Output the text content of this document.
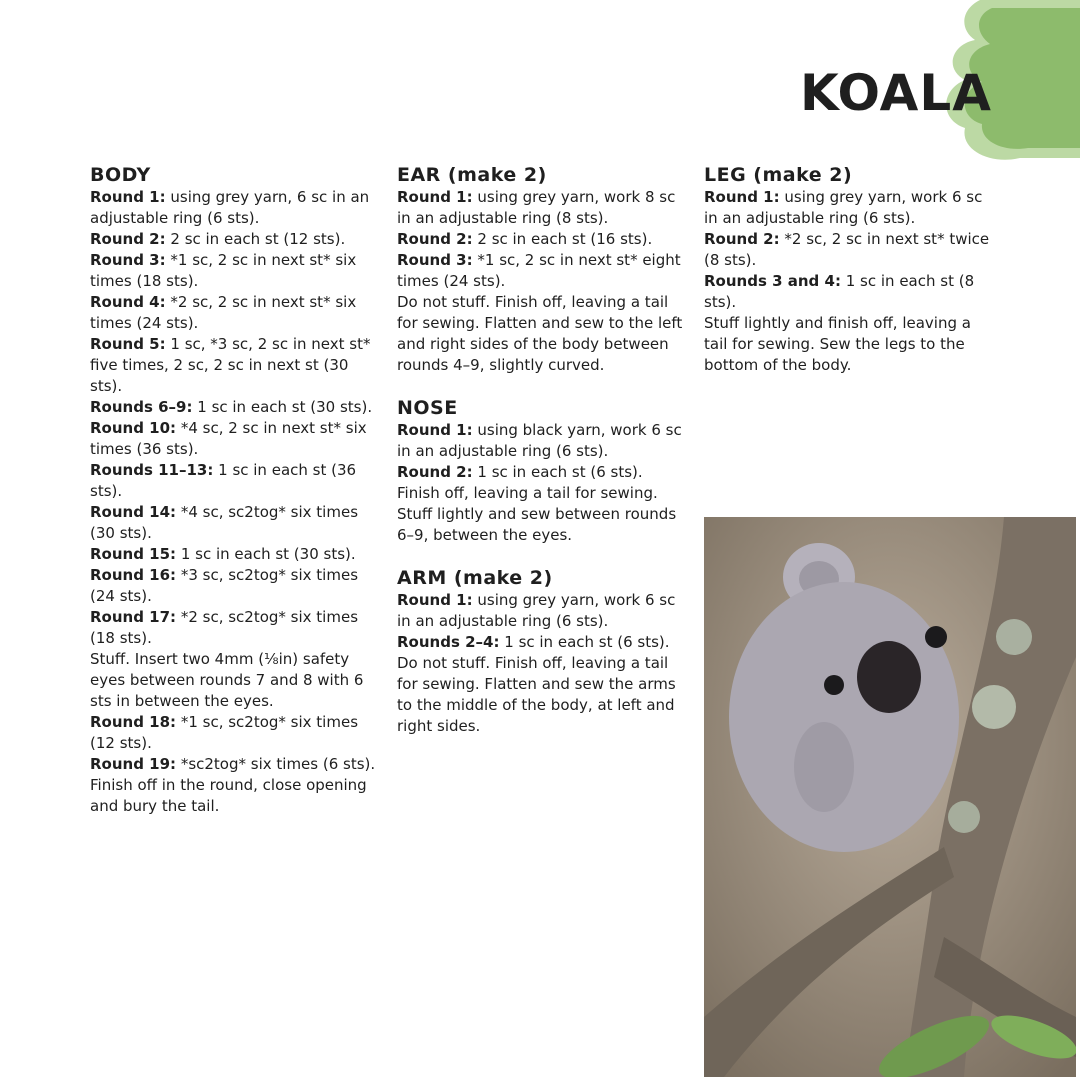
KOALA
BODY

Round 1: using grey yarn, 6 sc in an adjustable ring (6 sts).

Round 2: 2 sc in each st (12 sts).

Round 3: *1 sc, 2 sc in next st* six times (18 sts).

Round 4: *2 sc, 2 sc in next st* six times (24 sts).

Round 5: 1 sc, *3 sc, 2 sc in next st* five times, 2 sc, 2 sc in next st (30 sts).

Rounds 6–9: 1 sc in each st (30 sts).

Round 10: *4 sc, 2 sc in next st* six times (36 sts).

Rounds 11–13: 1 sc in each st (36 sts).

Round 14: *4 sc, sc2tog* six times (30 sts).

Round 15: 1 sc in each st (30 sts).

Round 16: *3 sc, sc2tog* six times (24 sts).

Round 17: *2 sc, sc2tog* six times (18 sts).

Stuff. Insert two 4mm (⅛in) safety eyes between rounds 7 and 8 with 6 sts in between the eyes.

Round 18: *1 sc, sc2tog* six times (12 sts).

Round 19: *sc2tog* six times (6 sts).

Finish off in the round, close opening and bury the tail.

EAR (make 2)

Round 1: using grey yarn, work 8 sc in an adjustable ring (8 sts).

Round 2: 2 sc in each st (16 sts).

Round 3: *1 sc, 2 sc in next st* eight times (24 sts).

Do not stuff. Finish off, leaving a tail for sewing. Flatten and sew to the left and right sides of the body between rounds 4–9, slightly curved.

NOSE

Round 1: using black yarn, work 6 sc in an adjustable ring (6 sts).

Round 2: 1 sc in each st (6 sts).

Finish off, leaving a tail for sewing. Stuff lightly and sew between rounds 6–9, between the eyes.

ARM (make 2)

Round 1: using grey yarn, work 6 sc in an adjustable ring (6 sts).

Rounds 2–4: 1 sc in each st (6 sts).

Do not stuff. Finish off, leaving a tail for sewing. Flatten and sew the arms to the middle of the body, at left and right sides.

LEG (make 2)

Round 1: using grey yarn, work 6 sc in an adjustable ring (6 sts).

Round 2: *2 sc, 2 sc in next st* twice (8 sts).

Rounds 3 and 4: 1 sc in each st (8 sts).

Stuff lightly and finish off, leaving a tail for sewing. Sew the legs to the bottom of the body.
